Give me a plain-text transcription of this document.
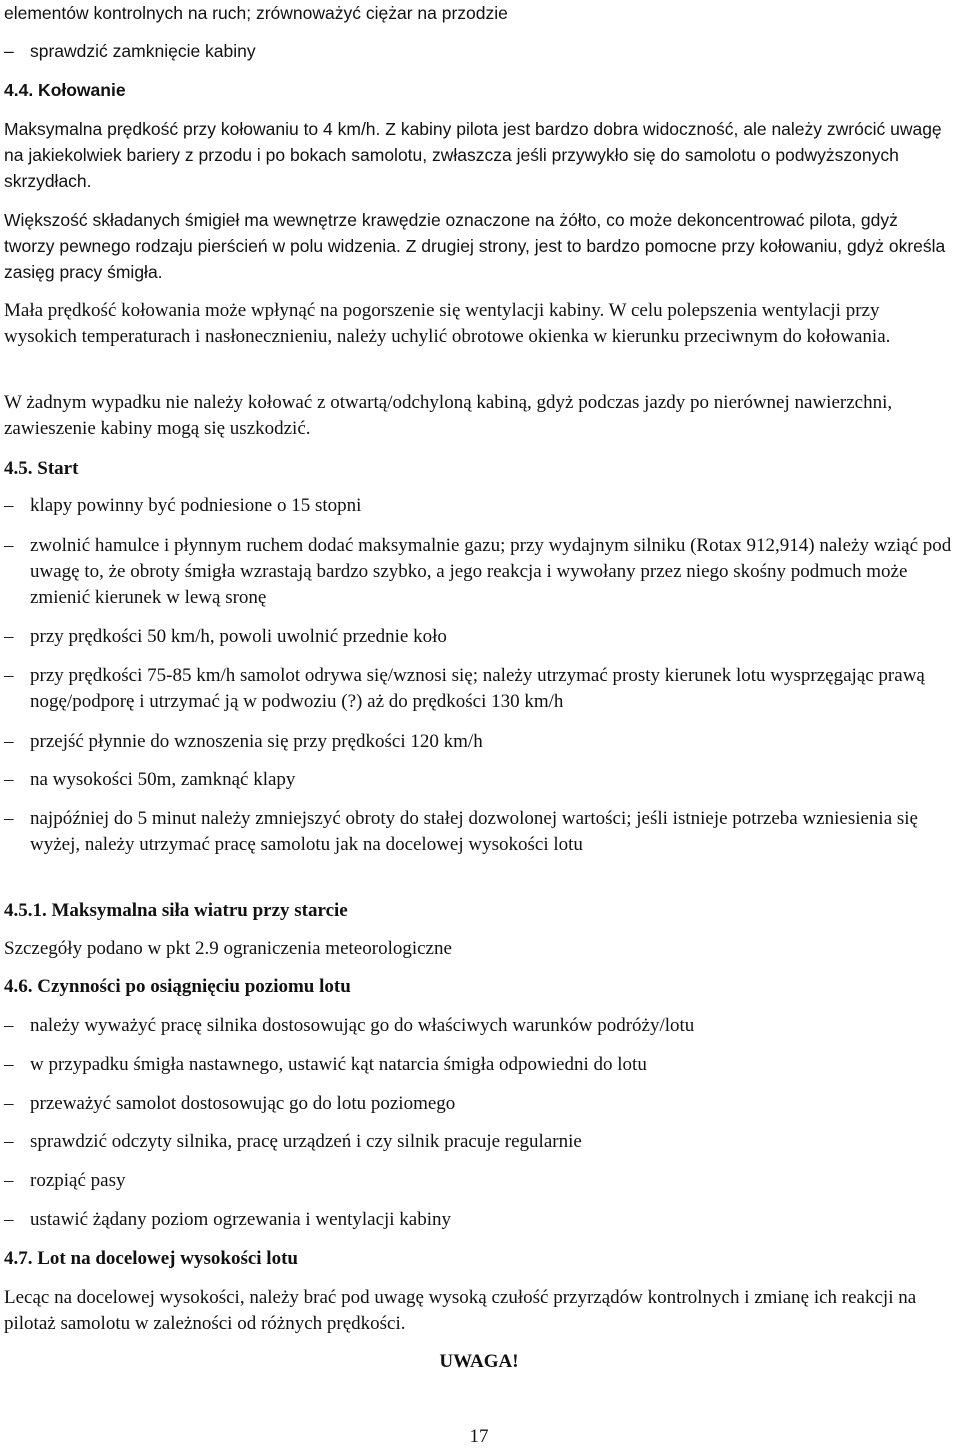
elementów kontrolnych na ruch; zrównoważyć ciężar na przodzie
– sprawdzić zamknięcie kabiny
4.4. Kołowanie
Maksymalna prędkość przy kołowaniu to 4 km/h. Z kabiny pilota jest bardzo dobra widoczność, ale należy zwrócić uwagę na jakiekolwiek bariery z przodu i po bokach samolotu, zwłaszcza jeśli przywykło się do samolotu o podwyższonych skrzydłach.
Większość składanych śmigieł ma wewnętrze krawędzie oznaczone na żółto, co może dekoncentrować pilota, gdyż tworzy pewnego rodzaju pierścień w polu widzenia. Z drugiej strony, jest to bardzo pomocne przy kołowaniu, gdyż określa zasięg pracy śmigła.
Mała prędkość kołowania może wpłynąć na pogorszenie się wentylacji kabiny. W celu polepszenia wentylacji przy wysokich temperaturach i nasłonecznieniu, należy uchylić obrotowe okienka w kierunku przeciwnym do kołowania.
W żadnym wypadku nie należy kołować z otwartą/odchyloną kabiną, gdyż podczas jazdy po nierównej nawierzchni, zawieszenie kabiny mogą się uszkodzić.
4.5. Start
– klapy powinny być podniesione o 15 stopni
– zwolnić hamulce i płynnym ruchem dodać maksymalnie gazu; przy wydajnym silniku (Rotax 912,914) należy wziąć pod uwagę to, że obroty śmigła wzrastają bardzo szybko, a jego reakcja i wywołany przez niego skośny podmuch może zmienić kierunek w lewą sronę
– przy prędkości 50 km/h, powoli uwolnić przednie koło
– przy prędkości 75-85 km/h samolot odrywa się/wznosi się; należy utrzymać prosty kierunek lotu wysprzęgając prawą nogę/podporę i utrzymać ją w podwoziu (?) aż do prędkości 130 km/h
– przejść płynnie do wznoszenia się przy prędkości 120 km/h
– na wysokości 50m, zamknąć klapy
– najpóźniej do 5 minut należy zmniejszyć obroty do stałej dozwolonej wartości; jeśli istnieje potrzeba wzniesienia się wyżej, należy utrzymać pracę samolotu jak na docelowej wysokości lotu
4.5.1. Maksymalna siła wiatru przy starcie
Szczegóły podano w pkt 2.9 ograniczenia meteorologiczne
4.6. Czynności po osiągnięciu poziomu lotu
– należy wyważyć pracę silnika dostosowując go do właściwych warunków podróży/lotu
– w przypadku śmigła nastawnego, ustawić kąt natarcia śmigła odpowiedni do lotu
– przeważyć samolot dostosowując go do lotu poziomego
– sprawdzić odczyty silnika, pracę urządzeń i czy silnik pracuje regularnie
– rozpiąć pasy
– ustawić żądany poziom ogrzewania i wentylacji kabiny
4.7. Lot na docelowej wysokości lotu
Lecąc na docelowej wysokości, należy brać pod uwagę wysoką czułość przyrządów kontrolnych i zmianę ich reakcji na pilotaż samolotu w zależności od różnych prędkości.
UWAGA!
17
